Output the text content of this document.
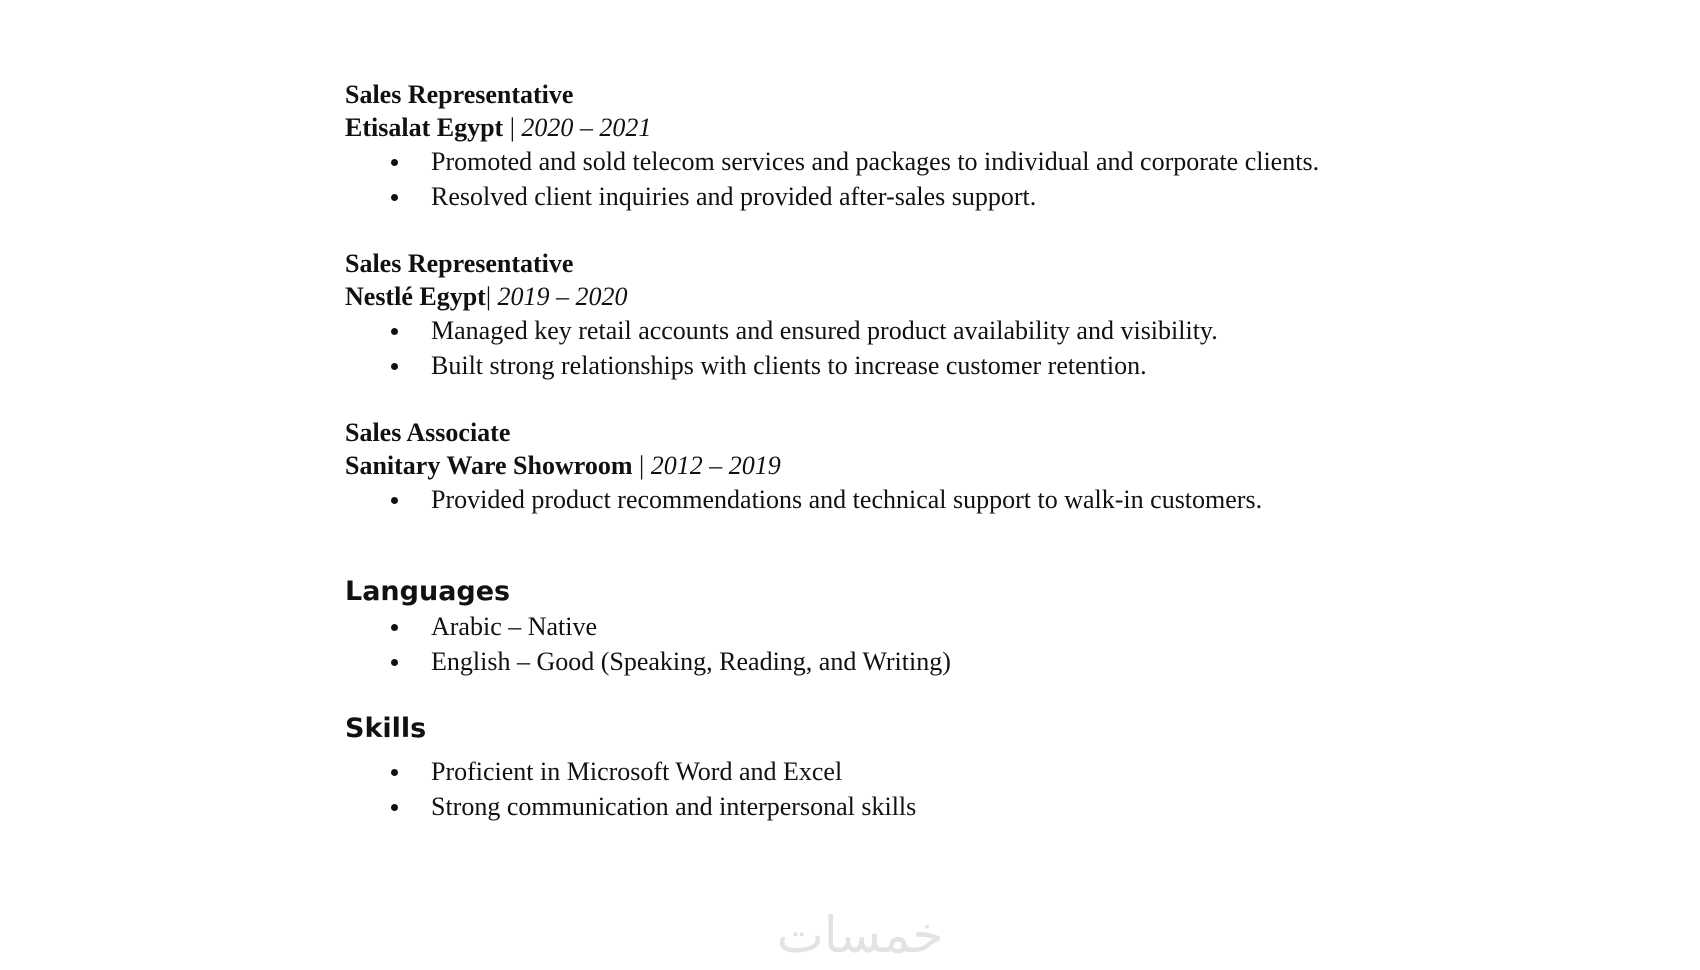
Sales Representative
Etisalat Egypt | 2020 – 2021
Promoted and sold telecom services and packages to individual and corporate clients.
Resolved client inquiries and provided after-sales support.
Sales Representative
Nestlé Egypt| 2019 – 2020
Managed key retail accounts and ensured product availability and visibility.
Built strong relationships with clients to increase customer retention.
Sales Associate
Sanitary Ware Showroom | 2012 – 2019
Provided product recommendations and technical support to walk-in customers.
Languages
Arabic – Native
English – Good (Speaking, Reading, and Writing)
Skills
Proficient in Microsoft Word and Excel
Strong communication and interpersonal skills
خمسات
